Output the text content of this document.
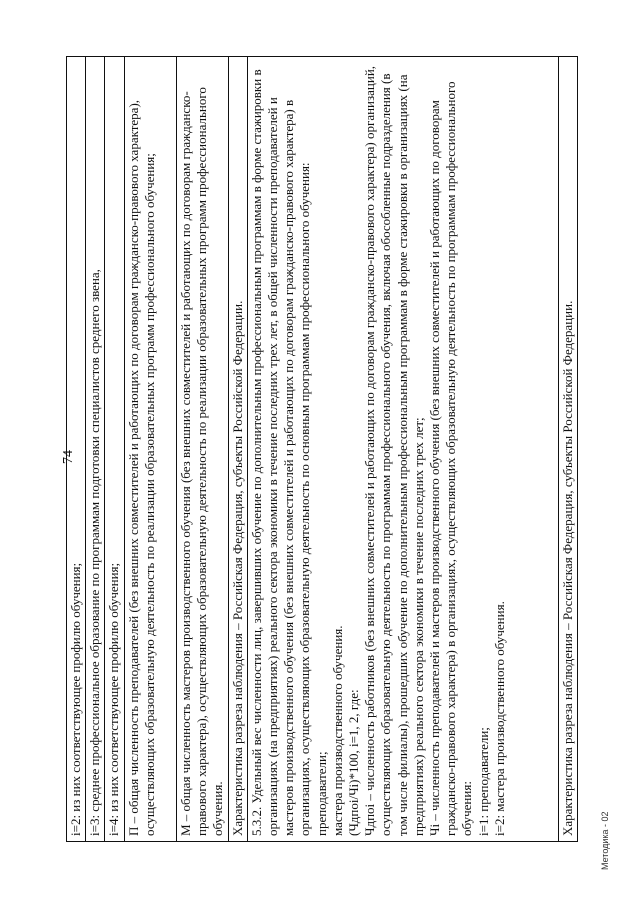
74
i=2: из них соответствующее профилю обучения;
i=3: среднее профессиональное образование по программам подготовки специалистов среднего звена,
i=4: из них соответствующее профилю обучения;
П – общая численность преподавателей (без внешних совместителей и работающих по договорам гражданско-правового характера), осуществляющих образовательную деятельность по реализации образовательных программ профессионального обучения;
М – общая численность мастеров производственного обучения (без внешних совместителей и работающих по договорам гражданско-правового характера), осуществляющих образовательную деятельность по реализации образовательных программ профессионального обучения.
Характеристика разреза наблюдения – Российская Федерация, субъекты Российской Федерации.

5.3.2. Удельный вес численности лиц, завершивших обучение по дополнительным профессиональным программам в форме стажировки в организациях (на предприятиях) реального сектора экономики в течение последних трех лет, в общей численности преподавателей и мастеров производственного обучения (без внешних совместителей и работающих по договорам гражданско-правового характера) в организациях, осуществляющих образовательную деятельность по основным программам профессионального обучения: преподаватели; мастера производственного обучения. (Чдпоi/Чi)*100, i=1, 2, где: Чдпоi – численность работников (без внешних совместителей и работающих по договорам гражданско-правового характера) организаций, осуществляющих образовательную деятельность по программам профессионального обучения, включая обособленные подразделения (в том числе филиалы), прошедших обучение по дополнительным профессиональным программам в форме стажировки в организациях (на предприятиях) реального сектора экономики в течение последних трех лет; Чi – численность преподавателей и мастеров производственного обучения (без внешних совместителей и работающих по договорам гражданско-правового характера) в организациях, осуществляющих образовательную деятельность по программам профессионального обучения: i=1: преподаватели; i=2: мастера производственного обучения.

Характеристика разреза наблюдения – Российская Федерация, субъекты Российской Федерации.
Методика - 02
